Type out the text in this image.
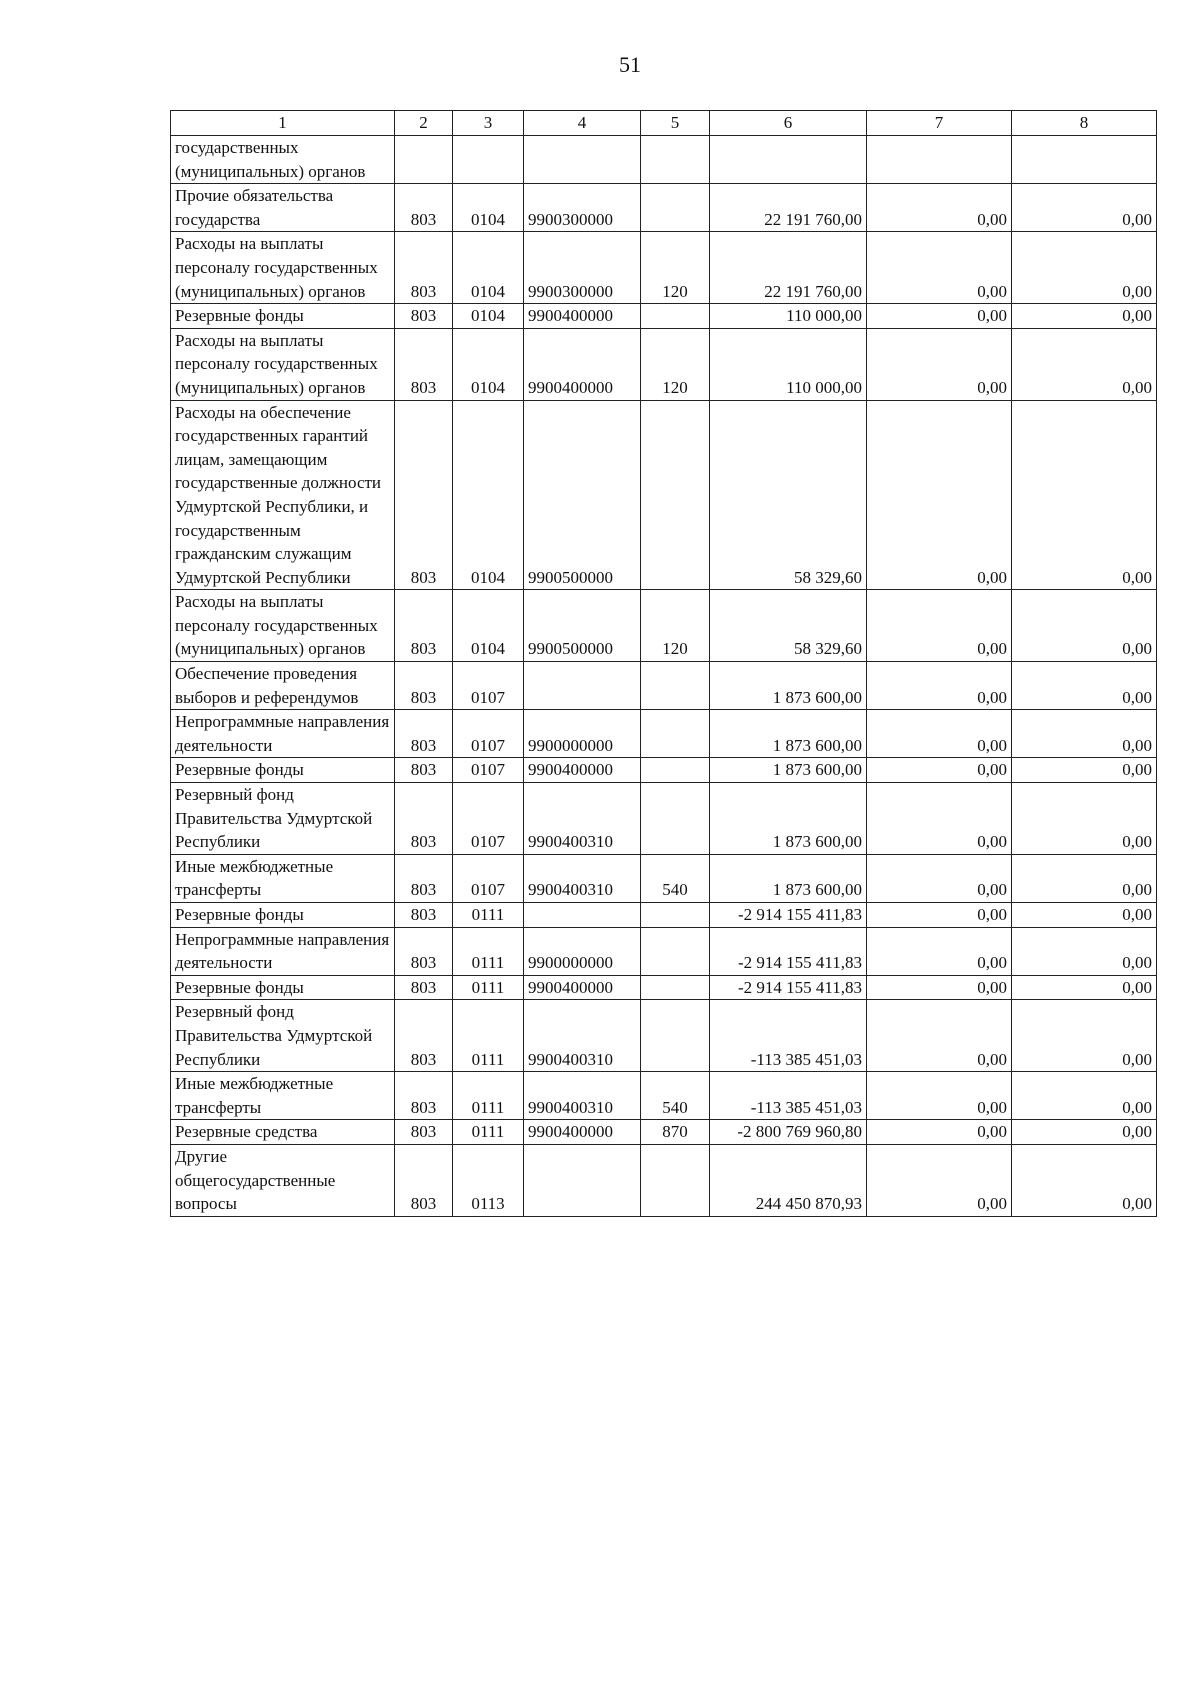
51
1	2	3	4	5	6	7	8
государственных (муниципальных) органов							
Прочие обязательства государства	803	0104	9900300000		22 191 760,00	0,00	0,00
Расходы на выплаты персоналу государственных (муниципальных) органов	803	0104	9900300000	120	22 191 760,00	0,00	0,00
Резервные фонды	803	0104	9900400000		110 000,00	0,00	0,00
Расходы на выплаты персоналу государственных (муниципальных) органов	803	0104	9900400000	120	110 000,00	0,00	0,00
Расходы на обеспечение государственных гарантий лицам, замещающим государственные должности Удмуртской Республики, и государственным гражданским служащим Удмуртской Республики	803	0104	9900500000		58 329,60	0,00	0,00
Расходы на выплаты персоналу государственных (муниципальных) органов	803	0104	9900500000	120	58 329,60	0,00	0,00
Обеспечение проведения выборов и референдумов	803	0107			1 873 600,00	0,00	0,00
Непрограммные направления деятельности	803	0107	9900000000		1 873 600,00	0,00	0,00
Резервные фонды	803	0107	9900400000		1 873 600,00	0,00	0,00
Резервный фонд Правительства Удмуртской Республики	803	0107	9900400310		1 873 600,00	0,00	0,00
Иные межбюджетные трансферты	803	0107	9900400310	540	1 873 600,00	0,00	0,00
Резервные фонды	803	0111			-2 914 155 411,83	0,00	0,00
Непрограммные направления деятельности	803	0111	9900000000		-2 914 155 411,83	0,00	0,00
Резервные фонды	803	0111	9900400000		-2 914 155 411,83	0,00	0,00
Резервный фонд Правительства Удмуртской Республики	803	0111	9900400310		-113 385 451,03	0,00	0,00
Иные межбюджетные трансферты	803	0111	9900400310	540	-113 385 451,03	0,00	0,00
Резервные средства	803	0111	9900400000	870	-2 800 769 960,80	0,00	0,00
Другие общегосударственные вопросы	803	0113			244 450 870,93	0,00	0,00
